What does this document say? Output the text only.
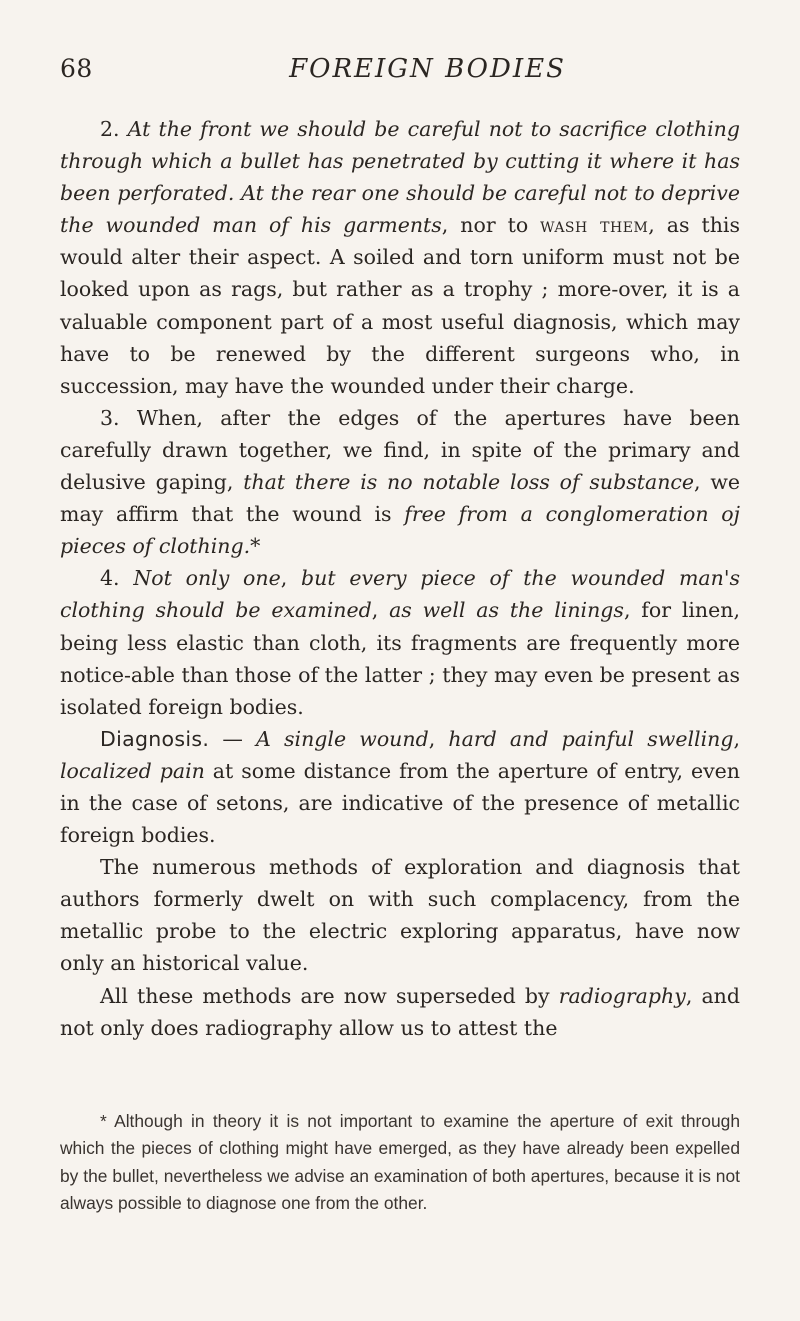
68	FOREIGN BODIES

2. At the front we should be careful not to sacrifice clothing through which a bullet has penetrated by cutting it where it has been perforated. At the rear one should be careful not to deprive the wounded man of his garments, nor to wash them, as this would alter their aspect. A soiled and torn uniform must not be looked upon as rags, but rather as a trophy ; more-over, it is a valuable component part of a most useful diagnosis, which may have to be renewed by the different surgeons who, in succession, may have the wounded under their charge.

3. When, after the edges of the apertures have been carefully drawn together, we find, in spite of the primary and delusive gaping, that there is no notable loss of substance, we may affirm that the wound is free from a conglomeration oj pieces of clothing.*

4. Not only one, but every piece of the wounded man's clothing should be examined, as well as the linings, for linen, being less elastic than cloth, its fragments are frequently more notice-able than those of the latter ; they may even be present as isolated foreign bodies.

Diagnosis. — A single wound, hard and painful swelling, localized pain at some distance from the aperture of entry, even in the case of setons, are indicative of the presence of metallic foreign bodies.

The numerous methods of exploration and diagnosis that authors formerly dwelt on with such complacency, from the metallic probe to the electric exploring apparatus, have now only an historical value.

All these methods are now superseded by radiography, and not only does radiography allow us to attest the

* Although in theory it is not important to examine the aperture of exit through which the pieces of clothing might have emerged, as they have already been expelled by the bullet, nevertheless we advise an examination of both apertures, because it is not always possible to diagnose one from the other.
